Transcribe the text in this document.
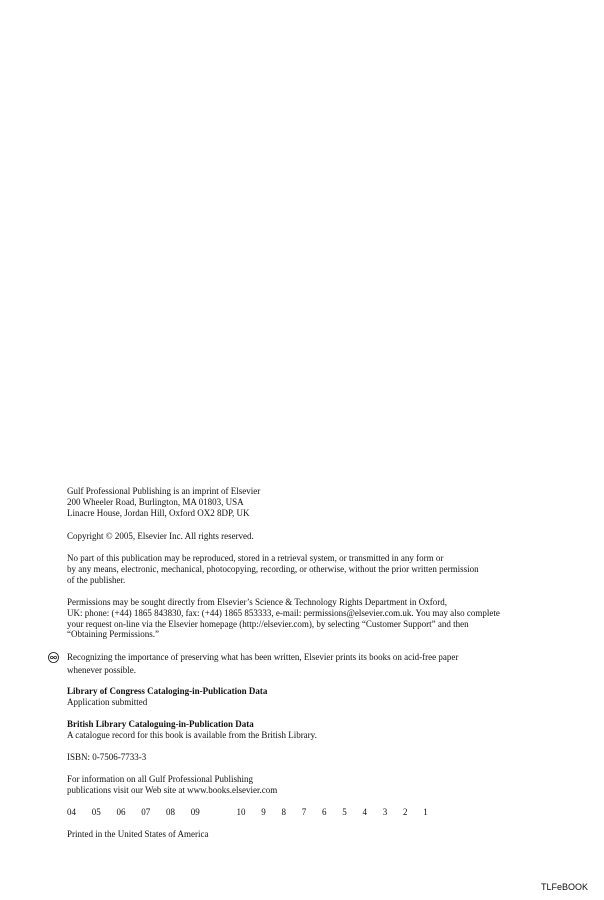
Gulf Professional Publishing is an imprint of Elsevier
200 Wheeler Road, Burlington, MA 01803, USA
Linacre House, Jordan Hill, Oxford OX2 8DP, UK
Copyright © 2005, Elsevier Inc. All rights reserved.
No part of this publication may be reproduced, stored in a retrieval system, or transmitted in any form or
by any means, electronic, mechanical, photocopying, recording, or otherwise, without the prior written permission
of the publisher.
Permissions may be sought directly from Elsevier’s Science & Technology Rights Department in Oxford,
UK: phone: (+44) 1865 843830, fax: (+44) 1865 853333, e-mail: permissions@elsevier.com.uk. You may also complete
your request on-line via the Elsevier homepage (http://elsevier.com), by selecting “Customer Support” and then
“Obtaining Permissions.”
Recognizing the importance of preserving what has been written, Elsevier prints its books on acid-free paper
whenever possible.
Library of Congress Cataloging-in-Publication Data
Application submitted
British Library Cataloguing-in-Publication Data
A catalogue record for this book is available from the British Library.
ISBN: 0-7506-7733-3
For information on all Gulf Professional Publishing
publications visit our Web site at www.books.elsevier.com
04   05   06   07   08   09       10   9   8   7   6   5   4   3   2   1
Printed in the United States of America
TLFeBOOK
